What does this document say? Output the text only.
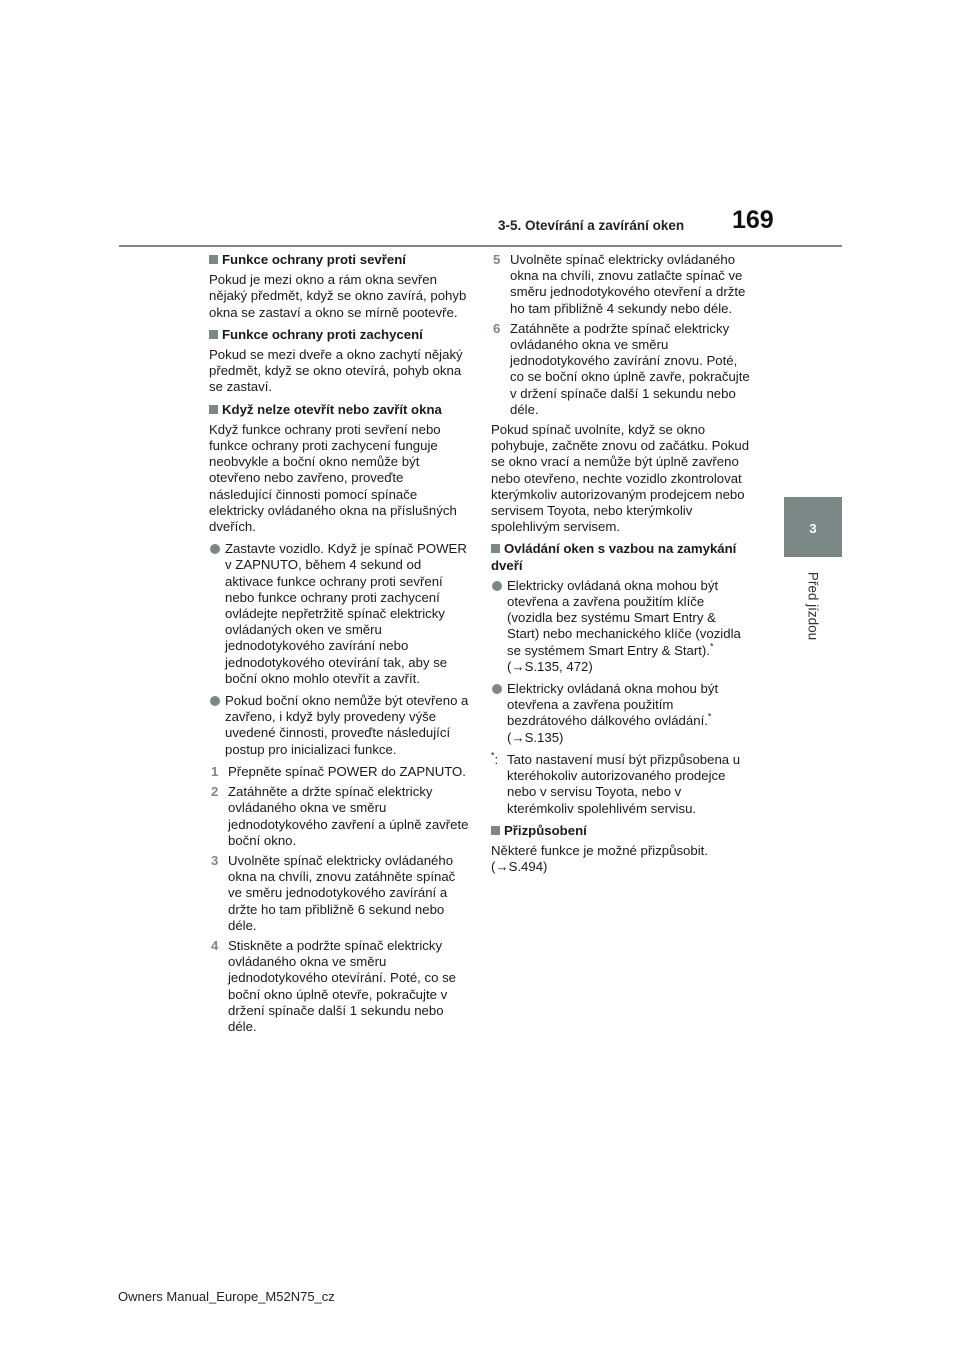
3-5. Otevírání a zavírání oken 169
3
Před jízdou
Funkce ochrany proti sevření

Pokud je mezi okno a rám okna sevřen nějaký předmět, když se okno zavírá, pohyb okna se zastaví a okno se mírně pootevře.

Funkce ochrany proti zachycení

Pokud se mezi dveře a okno zachytí nějaký předmět, když se okno otevírá, pohyb okna se zastaví.

Když nelze otevřít nebo zavřít okna

Když funkce ochrany proti sevření nebo funkce ochrany proti zachycení funguje neobvykle a boční okno nemůže být otevřeno nebo zavřeno, proveďte následující činnosti pomocí spínače elektricky ovládaného okna na příslušných dveřích.

Zastavte vozidlo. Když je spínač POWER v ZAPNUTO, během 4 sekund od aktivace funkce ochrany proti sevření nebo funkce ochrany proti zachycení ovládejte nepřetržitě spínač elektricky ovládaných oken ve směru jednodotykového zavírání nebo jednodotykového otevírání tak, aby se boční okno mohlo otevřít a zavřít.
Pokud boční okno nemůže být otevřeno a zavřeno, i když byly provedeny výše uvedené činnosti, proveďte následující postup pro inicializaci funkce.
1 Přepněte spínač POWER do ZAPNUTO.
2 Zatáhněte a držte spínač elektricky ovládaného okna ve směru jednodotykového zavření a úplně zavřete boční okno.
3 Uvolněte spínač elektricky ovládaného okna na chvíli, znovu zatáhněte spínač ve směru jednodotykového zavírání a držte ho tam přibližně 6 sekund nebo déle.
4 Stiskněte a podržte spínač elektricky ovládaného okna ve směru jednodotykového otevírání. Poté, co se boční okno úplně otevře, pokračujte v držení spínače další 1 sekundu nebo déle.
5 Uvolněte spínač elektricky ovládaného okna na chvíli, znovu zatlačte spínač ve směru jednodotykového otevření a držte ho tam přibližně 4 sekundy nebo déle.
6 Zatáhněte a podržte spínač elektricky ovládaného okna ve směru jednodotykového zavírání znovu. Poté, co se boční okno úplně zavře, pokračujte v držení spínače další 1 sekundu nebo déle.

Pokud spínač uvolníte, když se okno pohybuje, začněte znovu od začátku. Pokud se okno vrací a nemůže být úplně zavřeno nebo otevřeno, nechte vozidlo zkontrolovat kterýmkoliv autorizovaným prodejcem nebo servisem Toyota, nebo kterýmkoliv spolehlivým servisem.

Ovládání oken s vazbou na zamykání dveří
Elektricky ovládaná okna mohou být otevřena a zavřena použitím klíče (vozidla bez systému Smart Entry & Start) nebo mechanického klíče (vozidla se systémem Smart Entry & Start).* (→S.135, 472)
Elektricky ovládaná okna mohou být otevřena a zavřena použitím bezdrátového dálkového ovládání.*
(→S.135)
*: Tato nastavení musí být přizpůsobena u kteréhokoliv autorizovaného prodejce nebo v servisu Toyota, nebo v kterémkoliv spolehlivém servisu.
Přizpůsobení

Některé funkce je možné přizpůsobit.
(→S.494)

Owners Manual_Europe_M52N75_cz
